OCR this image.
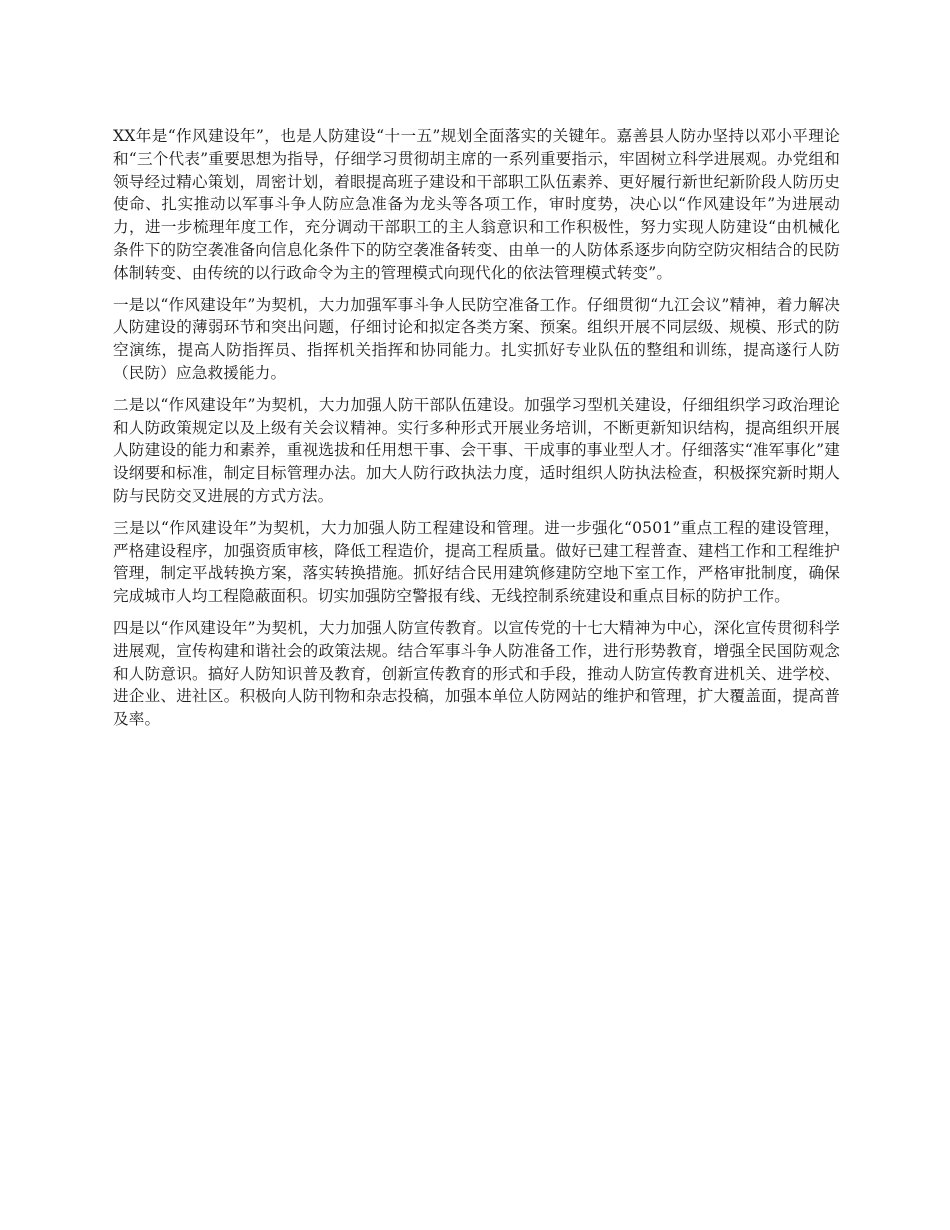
XX年是“作风建设年”，也是人防建设“十一五”规划全面落实的关键年。嘉善县人防办坚持以邓小平理论和“三个代表”重要思想为指导，仔细学习贯彻胡主席的一系列重要指示，牢固树立科学进展观。办党组和领导经过精心策划，周密计划，着眼提高班子建设和干部职工队伍素养、更好履行新世纪新阶段人防历史使命、扎实推动以军事斗争人防应急准备为龙头等各项工作，审时度势，决心以“作风建设年”为进展动力，进一步梳理年度工作，充分调动干部职工的主人翁意识和工作积极性，努力实现人防建设“由机械化条件下的防空袭准备向信息化条件下的防空袭准备转变、由单一的人防体系逐步向防空防灾相结合的民防体制转变、由传统的以行政命令为主的管理模式向现代化的依法管理模式转变”。

一是以“作风建设年”为契机，大力加强军事斗争人民防空准备工作。仔细贯彻“九江会议”精神，着力解决人防建设的薄弱环节和突出问题，仔细讨论和拟定各类方案、预案。组织开展不同层级、规模、形式的防空演练，提高人防指挥员、指挥机关指挥和协同能力。扎实抓好专业队伍的整组和训练，提高遂行人防（民防）应急救援能力。

二是以“作风建设年”为契机，大力加强人防干部队伍建设。加强学习型机关建设，仔细组织学习政治理论和人防政策规定以及上级有关会议精神。实行多种形式开展业务培训，不断更新知识结构，提高组织开展人防建设的能力和素养，重视选拔和任用想干事、会干事、干成事的事业型人才。仔细落实“准军事化”建设纲要和标准，制定目标管理办法。加大人防行政执法力度，适时组织人防执法检查，积极探究新时期人防与民防交叉进展的方式方法。

三是以“作风建设年”为契机，大力加强人防工程建设和管理。进一步强化“0501”重点工程的建设管理，严格建设程序，加强资质审核，降低工程造价，提高工程质量。做好已建工程普查、建档工作和工程维护管理，制定平战转换方案，落实转换措施。抓好结合民用建筑修建防空地下室工作，严格审批制度，确保完成城市人均工程隐蔽面积。切实加强防空警报有线、无线控制系统建设和重点目标的防护工作。

四是以“作风建设年”为契机，大力加强人防宣传教育。以宣传党的十七大精神为中心，深化宣传贯彻科学进展观，宣传构建和谐社会的政策法规。结合军事斗争人防准备工作，进行形势教育，增强全民国防观念和人防意识。搞好人防知识普及教育，创新宣传教育的形式和手段，推动人防宣传教育进机关、进学校、进企业、进社区。积极向人防刊物和杂志投稿，加强本单位人防网站的维护和管理，扩大覆盖面，提高普及率。
